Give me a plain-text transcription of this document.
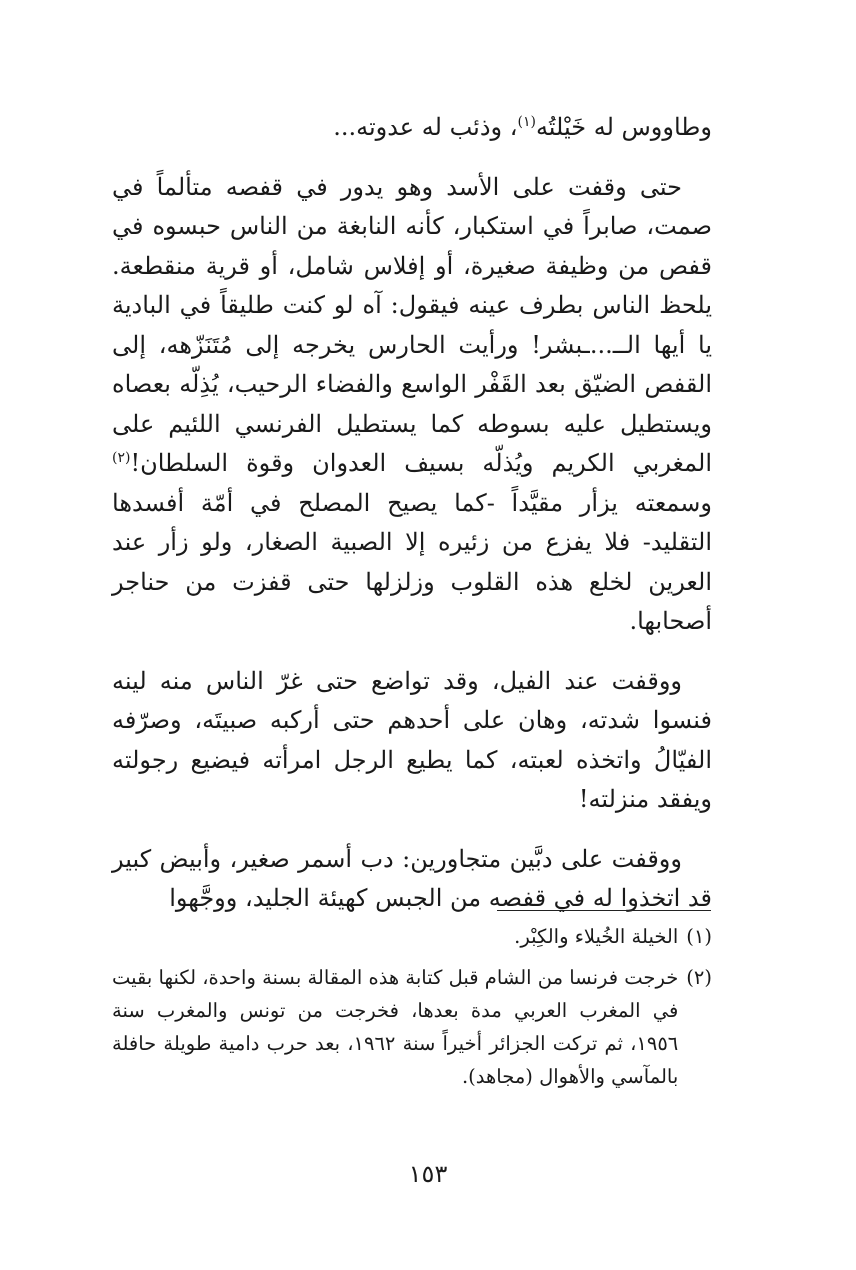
وطاووس له خَيْلتُه$^{(١)}$، وذئب له عدوته...

حتى وقفت على الأسد وهو يدور في قفصه متألماً في صمت، صابراً في استكبار، كأنه النابغة من الناس حبسوه في قفص من وظيفة صغيرة، أو إفلاس شامل، أو قرية منقطعة. يلحظ الناس بطرف عينه فيقول: آه لو كنت طليقاً في البادية يا أيها الــ...ـبشر! ورأيت الحارس يخرجه إلى مُتَنَزّهه، إلى القفص الضيّق بعد القَفْر الواسع والفضاء الرحيب، يُذِلّه بعصاه ويستطيل عليه بسوطه كما يستطيل الفرنسي اللئيم على المغربي الكريم ويُذلّه بسيف العدوان وقوة السلطان!$^{(٢)}$ وسمعته يزأر مقيَّداً -كما يصيح المصلح في أمّة أفسدها التقليد- فلا يفزع من زئيره إلا الصبية الصغار، ولو زأر عند العرين لخلع هذه القلوب وزلزلها حتى قفزت من حناجر أصحابها.

ووقفت عند الفيل، وقد تواضع حتى غرّ الناس منه لينه فنسوا شدته، وهان على أحدهم حتى أركبه صبيتَه، وصرّفه الفيّالُ واتخذه لعبته، كما يطيع الرجل امرأته فيضيع رجولته ويفقد منزلته!

ووقفت على دبَّين متجاورين: دب أسمر صغير، وأبيض كبير قد اتخذوا له في قفصه من الجبس كهيئة الجليد، ووجَّهوا

(١)
الخيلة الخُيلاء والكِبْر.
(٢)
خرجت فرنسا من الشام قبل كتابة هذه المقالة بسنة واحدة، لكنها بقيت في المغرب العربي مدة بعدها، فخرجت من تونس والمغرب سنة ١٩٥٦، ثم تركت الجزائر أخيراً سنة ١٩٦٢، بعد حرب دامية طويلة حافلة بالمآسي والأهوال (مجاهد).
١٥٣
